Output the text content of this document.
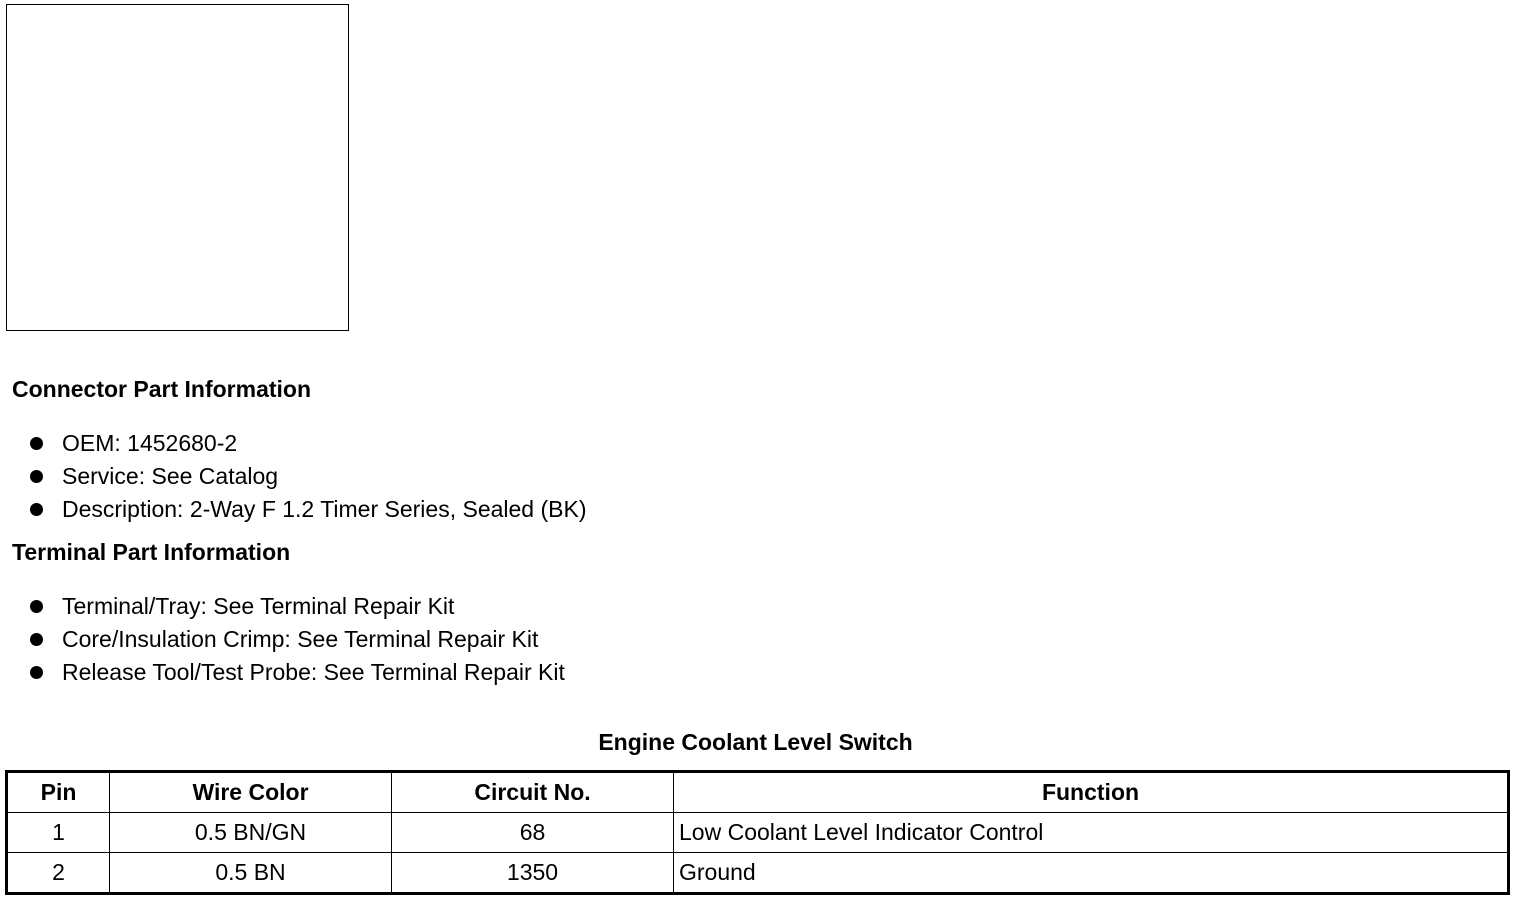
Connector Part Information
OEM: 1452680-2
Service: See Catalog
Description: 2-Way F 1.2 Timer Series, Sealed (BK)
Terminal Part Information
Terminal/Tray: See Terminal Repair Kit
Core/Insulation Crimp: See Terminal Repair Kit
Release Tool/Test Probe: See Terminal Repair Kit
Engine Coolant Level Switch
Pin	Wire Color	Circuit No.	Function
1	0.5 BN/GN	68	Low Coolant Level Indicator Control
2	0.5 BN	1350	Ground
